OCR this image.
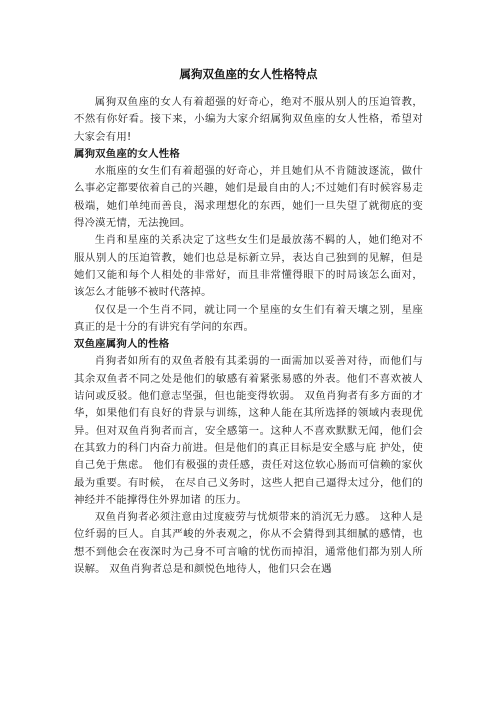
属狗双鱼座的女人性格特点

属狗双鱼座的女人有着超强的好奇心，绝对不服从别人的压迫管教，不然有你好看。接下来，小编为大家介绍属狗双鱼座的女人性格，希望对大家会有用!

属狗双鱼座的女人性格

水瓶座的女生们有着超强的好奇心，并且她们从不肯随波逐流，做什么事必定都要依着自己的兴趣，她们是最自由的人;不过她们有时候容易走极端，她们单纯而善良，渴求理想化的东西，她们一旦失望了就彻底的变得冷漠无情，无法挽回。

生肖和星座的关系决定了这些女生们是最放荡不羁的人，她们绝对不服从别人的压迫管教，她们也总是标新立异，表达自己独到的见解，但是她们又能和每个人相处的非常好，而且非常懂得眼下的时局该怎么面对，该怎么才能够不被时代落掉。

仅仅是一个生肖不同，就让同一个星座的女生们有着天壤之别，星座真正的是十分的有讲究有学问的东西。

双鱼座属狗人的性格

肖狗者如所有的双鱼者般有其柔弱的一面需加以妥善对待，而他们与其余双鱼者不同之处是他们的敏感有着紧张易感的外表。他们不喜欢被人诘问或反驳。他们意志坚强，但也能变得软弱。 双鱼肖狗者有多方面的才华，如果他们有良好的背景与训练，这种人能在其所选择的领域内表现优异。但对双鱼肖狗者而言，安全感第一。这种人不喜欢默默无闻，他们会在其致力的科门内奋力前进。但是他们的真正目标是安全感与庇 护处，使自己免于焦虑。 他们有极强的责任感，责任对这位软心肠而可信赖的家伙最为重要。有时候， 在尽自己义务时，这些人把自己逼得太过分，他们的神经并不能撑得住外界加诸 的压力。

双鱼肖狗者必须注意由过度疲劳与忧烦带来的消沉无力感。 这种人是位纤弱的巨人。自其严峻的外表观之，你从不会猜得到其细腻的感情，也想不到他会在夜深时为己身不可言喻的忧伤而掉泪，通常他们都为别人所 误解。 双鱼肖狗者总是和颜悦色地待人，他们只会在遇
